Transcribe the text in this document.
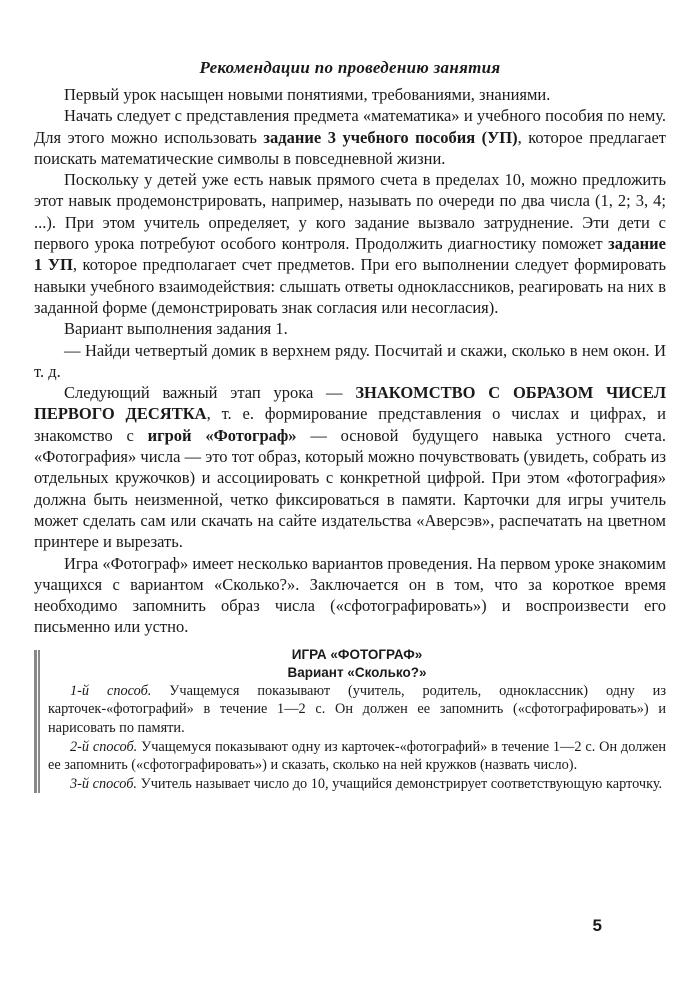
Рекомендации по проведению занятия

Первый урок насыщен новыми понятиями, требованиями, знаниями.

Начать следует с представления предмета «математика» и учебного пособия по нему. Для этого можно использовать задание 3 учебного пособия (УП), которое предлагает поискать математические символы в повседневной жизни.

Поскольку у детей уже есть навык прямого счета в пределах 10, можно предложить этот навык продемонстрировать, например, называть по очереди по два числа (1, 2; 3, 4; ...). При этом учитель определяет, у кого задание вызвало затруднение. Эти дети с первого урока потребуют особого контроля. Продолжить диагностику поможет задание 1 УП, которое предполагает счет предметов. При его выполнении следует формировать навыки учебного взаимодействия: слышать ответы одноклассников, реагировать на них в заданной форме (демонстрировать знак согласия или несогласия).

Вариант выполнения задания 1.

— Найди четвертый домик в верхнем ряду. Посчитай и скажи, сколько в нем окон. И т. д.

Следующий важный этап урока — ЗНАКОМСТВО С ОБРАЗОМ ЧИСЕЛ ПЕРВОГО ДЕСЯТКА, т. е. формирование представления о числах и цифрах, и знакомство с игрой «Фотограф» — основой будущего навыка устного счета. «Фотография» числа — это тот образ, который можно почувствовать (увидеть, собрать из отдельных кружочков) и ассоциировать с конкретной цифрой. При этом «фотография» должна быть неизменной, четко фиксироваться в памяти. Карточки для игры учитель может сделать сам или скачать на сайте издательства «Аверсэв», распечатать на цветном принтере и вырезать.

Игра «Фотограф» имеет несколько вариантов проведения. На первом уроке знакомим учащихся с вариантом «Сколько?». Заключается он в том, что за короткое время необходимо запомнить образ числа («сфотографировать») и воспроизвести его письменно или устно.

ИГРА «ФОТОГРАФ»

Вариант «Сколько?»

1-й способ. Учащемуся показывают (учитель, родитель, одноклассник) одну из карточек-«фотографий» в течение 1—2 с. Он должен ее запомнить («сфотографировать») и нарисовать по памяти.

2-й способ. Учащемуся показывают одну из карточек-«фотографий» в течение 1—2 с. Он должен ее запомнить («сфотографировать») и сказать, сколько на ней кружков (назвать число).

3-й способ. Учитель называет число до 10, учащийся демонстрирует соответствующую карточку.

5
